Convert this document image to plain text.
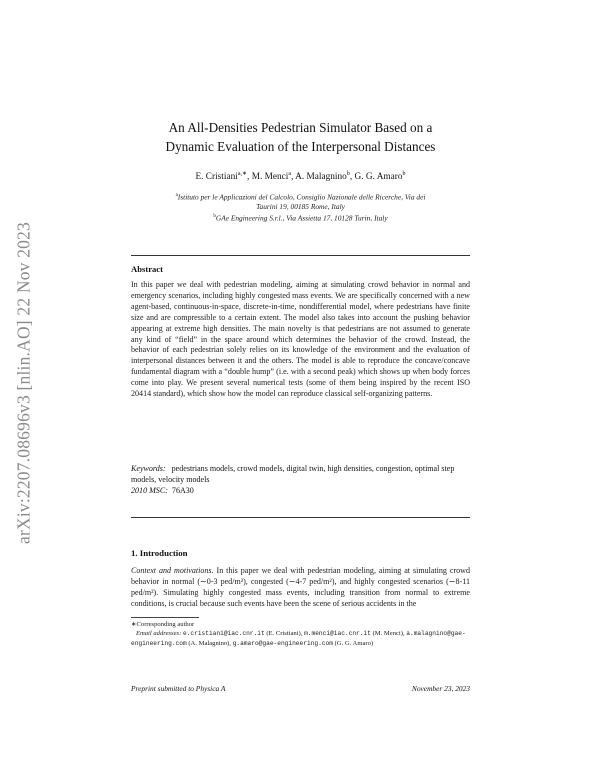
arXiv:2207.08696v3 [nlin.AO] 22 Nov 2023

An All-Densities Pedestrian Simulator Based on a
Dynamic Evaluation of the Interpersonal Distances

E. Cristiani$^{a,∗}$, M. Menci$^a$, A. Malagnino$^b$, G. G. Amaro$^b$
$^a$Istituto per le Applicazioni del Calcolo, Consiglio Nazionale delle Ricerche, Via dei
Taurini 19, 00185 Rome, Italy
$^b$GAe Engineering S.r.l., Via Assietta 17, 10128 Turin, Italy
Abstract
In this paper we deal with pedestrian modeling, aiming at simulating crowd behavior in normal and emergency scenarios, including highly congested mass events. We are specifically concerned with a new agent-based, continuous-in-space, discrete-in-time, nondifferential model, where pedestrians have finite size and are compressible to a certain extent. The model also takes into account the pushing behavior appearing at extreme high densities. The main novelty is that pedestrians are not assumed to generate any kind of “field” in the space around which determines the behavior of the crowd. Instead, the behavior of each pedestrian solely relies on its knowledge of the environment and the evaluation of interpersonal distances between it and the others. The model is able to reproduce the concave/concave fundamental diagram with a “double hump” (i.e. with a second peak) which shows up when body forces come into play. We present several numerical tests (some of them being inspired by the recent ISO 20414 standard), which show how the model can reproduce classical self-organizing patterns.
Keywords: pedestrians models, crowd models, digital twin, high densities, congestion, optimal step models, velocity models
2010 MSC: 76A30
1. Introduction
Context and motivations. In this paper we deal with pedestrian modeling, aiming at simulating crowd behavior in normal (∼0-3 ped/m²), congested (∼4-7 ped/m²), and highly congested scenarios (∼8-11 ped/m²). Simulating highly congested mass events, including transition from normal to extreme conditions, is crucial because such events have been the scene of serious accidents in the
∗Corresponding author
Email addresses: e.cristiani@iac.cnr.it (E. Cristiani), m.menci@iac.cnr.it (M. Menci), a.malagnino@gae-engineering.com (A. Malagnino), g.amaro@gae-engineering.com (G. G. Amaro)
Preprint submitted to Physica A	November 23, 2023
